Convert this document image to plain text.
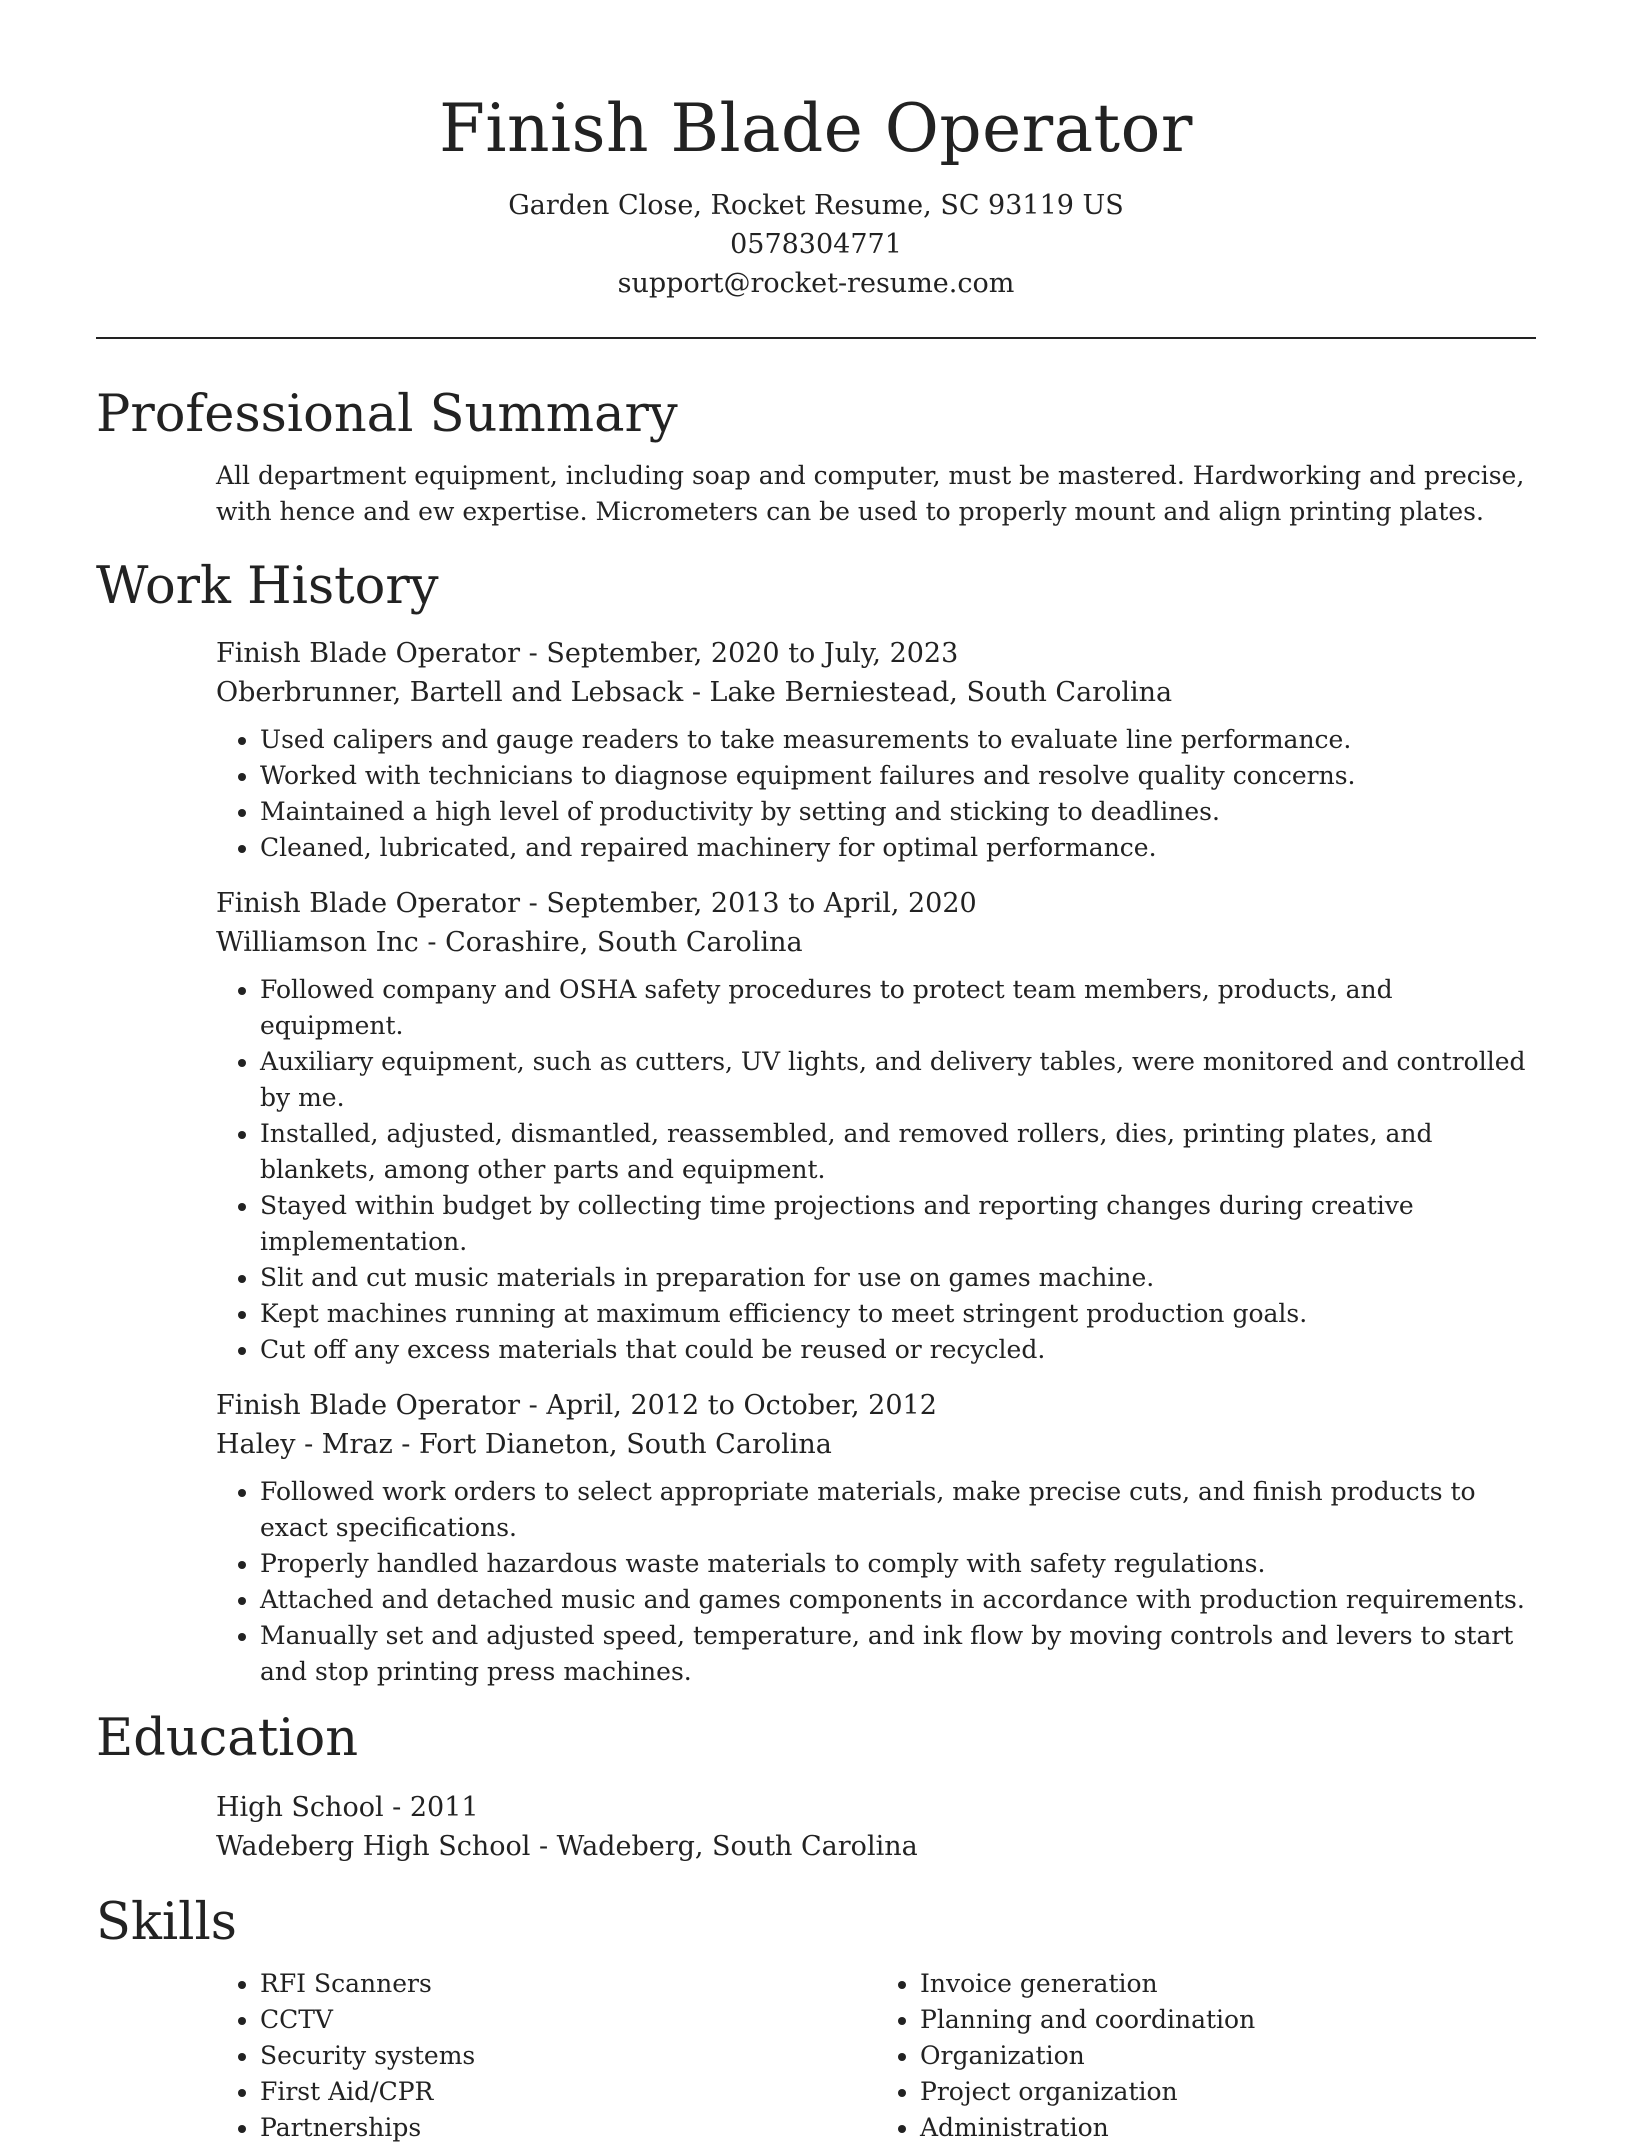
Finish Blade Operator
Garden Close, Rocket Resume, SC 93119 US
0578304771
support@rocket-resume.com
Professional Summary
All department equipment, including soap and computer, must be mastered. Hardworking and precise, with hence and ew expertise. Micrometers can be used to properly mount and align printing plates.
Work History
Finish Blade Operator - September, 2020 to July, 2023
Oberbrunner, Bartell and Lebsack - Lake Berniestead, South Carolina
• Used calipers and gauge readers to take measurements to evaluate line performance.
• Worked with technicians to diagnose equipment failures and resolve quality concerns.
• Maintained a high level of productivity by setting and sticking to deadlines.
• Cleaned, lubricated, and repaired machinery for optimal performance.
Finish Blade Operator - September, 2013 to April, 2020
Williamson Inc - Corashire, South Carolina
• Followed company and OSHA safety procedures to protect team members, products, and equipment.
• Auxiliary equipment, such as cutters, UV lights, and delivery tables, were monitored and controlled by me.
• Installed, adjusted, dismantled, reassembled, and removed rollers, dies, printing plates, and blankets, among other parts and equipment.
• Stayed within budget by collecting time projections and reporting changes during creative implementation.
• Slit and cut music materials in preparation for use on games machine.
• Kept machines running at maximum efficiency to meet stringent production goals.
• Cut off any excess materials that could be reused or recycled.
Finish Blade Operator - April, 2012 to October, 2012
Haley - Mraz - Fort Dianeton, South Carolina
• Followed work orders to select appropriate materials, make precise cuts, and finish products to exact specifications.
• Properly handled hazardous waste materials to comply with safety regulations.
• Attached and detached music and games components in accordance with production requirements.
• Manually set and adjusted speed, temperature, and ink flow by moving controls and levers to start and stop printing press machines.
Education
High School - 2011
Wadeberg High School - Wadeberg, South Carolina
Skills
• RFI Scanners
• CCTV
• Security systems
• First Aid/CPR
• Partnerships
• Invoice generation
• Planning and coordination
• Organization
• Project organization
• Administration
